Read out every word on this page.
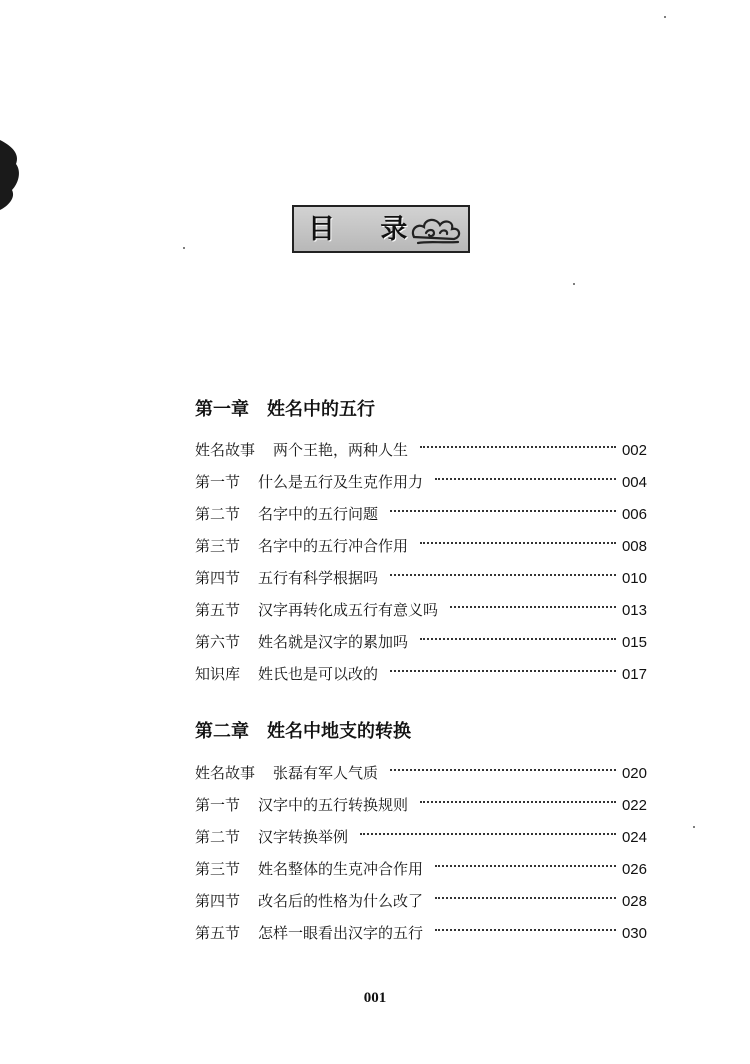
目 录
第一章　姓名中的五行
姓名故事 两个王艳，两种人生	002
第一节 什么是五行及生克作用力	004
第二节 名字中的五行问题	006
第三节 名字中的五行冲合作用	008
第四节 五行有科学根据吗	010
第五节 汉字再转化成五行有意义吗	013
第六节 姓名就是汉字的累加吗	015
知识库 姓氏也是可以改的	017
第二章　姓名中地支的转换
姓名故事 张磊有军人气质	020
第一节 汉字中的五行转换规则	022
第二节 汉字转换举例	024
第三节 姓名整体的生克冲合作用	026
第四节 改名后的性格为什么改了	028
第五节 怎样一眼看出汉字的五行	030
001
